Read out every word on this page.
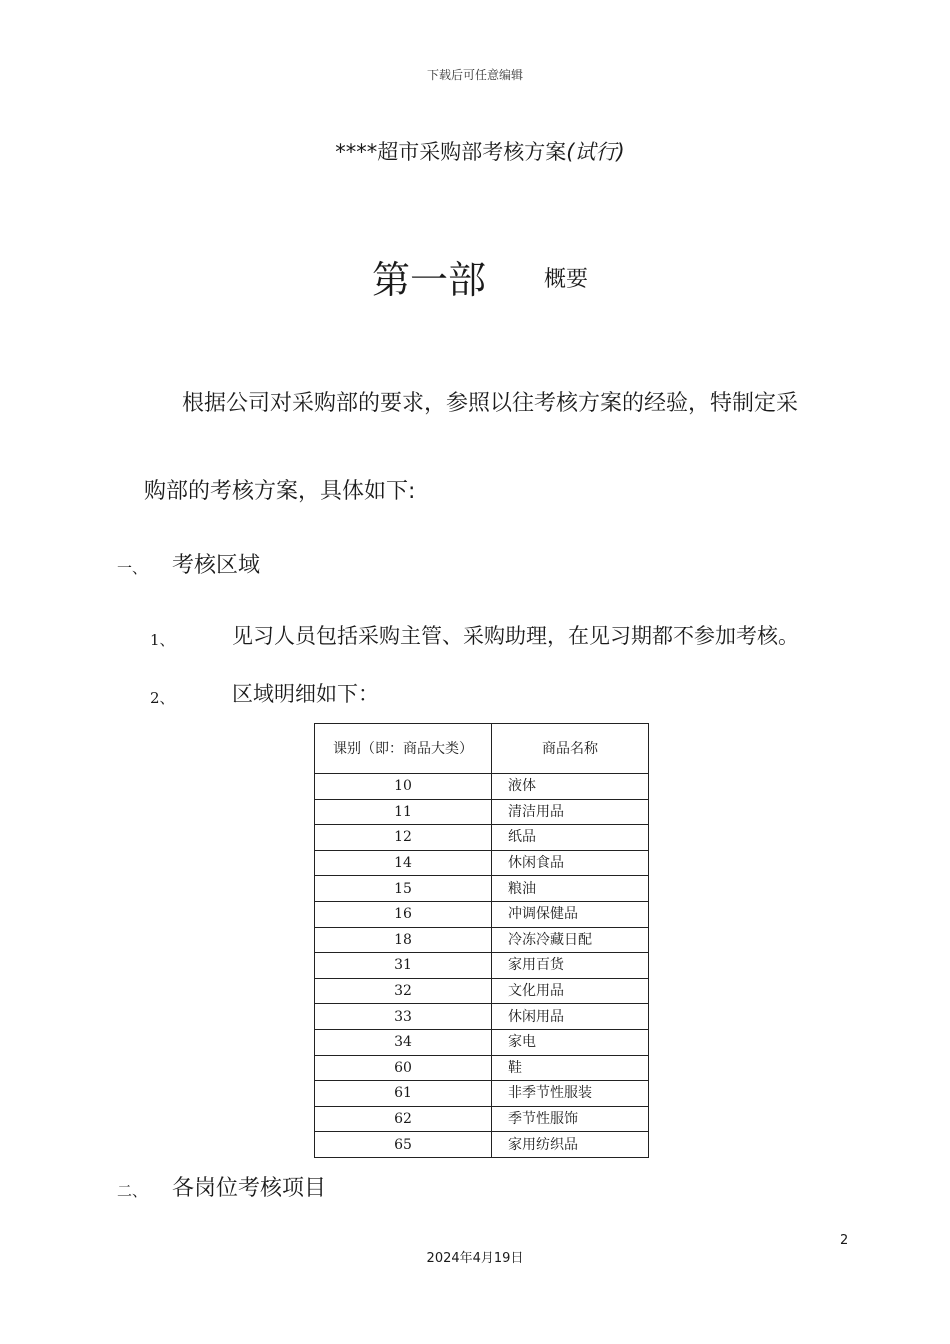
下载后可任意编辑
****超市采购部考核方案(试行)
第一部	概要
根据公司对采购部的要求，参照以往考核方案的经验，特制定采
购部的考核方案，具体如下:
一、 考核区域
1、	见习人员包括采购主管、采购助理，在见习期都不参加考核。
2、	区域明细如下：
课别（即：商品大类）	商品名称
10	液体
11	清洁用品
12	纸品
14	休闲食品
15	粮油
16	冲调保健品
18	冷冻冷藏日配
31	家用百货
32	文化用品
33	休闲用品
34	家电
60	鞋
61	非季节性服装
62	季节性服饰
65	家用纺织品
二、 各岗位考核项目
2
2024年4月19日
